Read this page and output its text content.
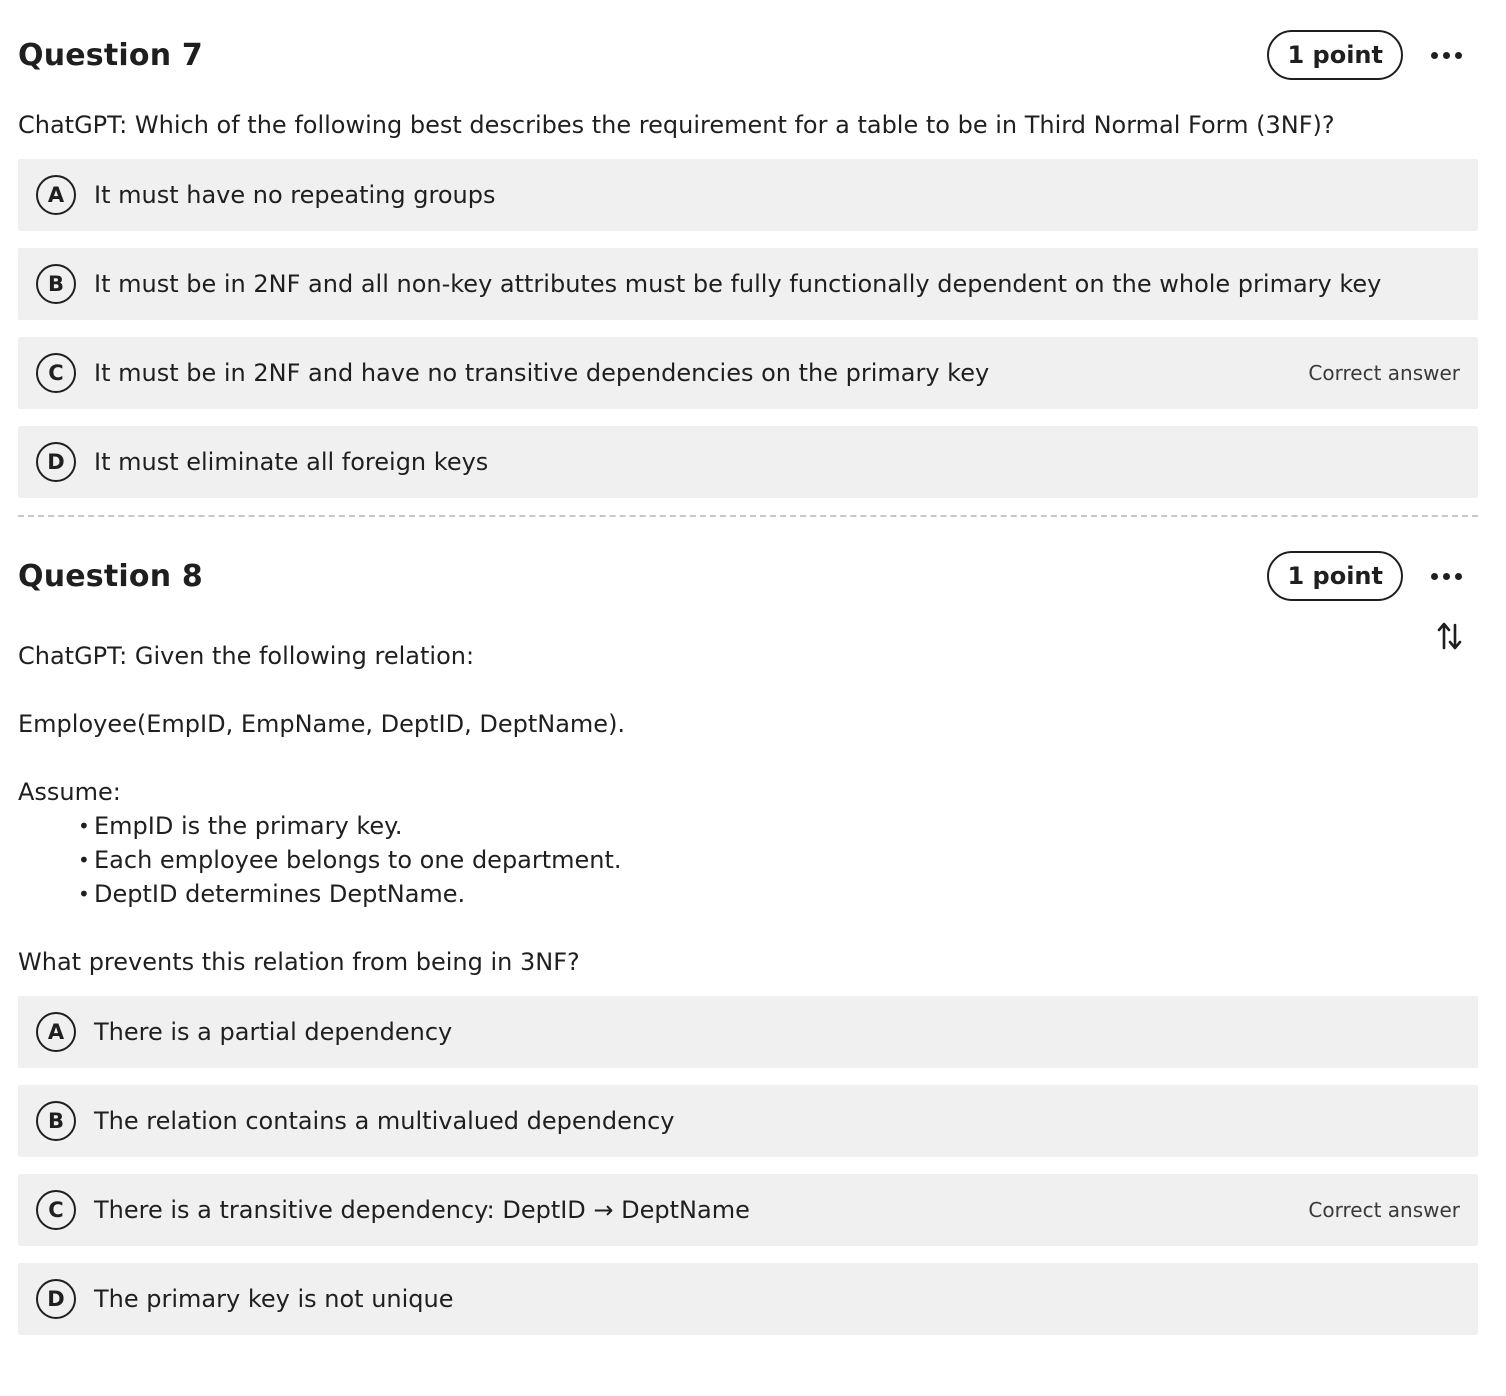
Question 7	1 point

ChatGPT: Which of the following best describes the requirement for a table to be in Third Normal Form (3NF)?

A	It must have no repeating groups
B	It must be in 2NF and all non-key attributes must be fully functionally dependent on the whole primary key
C	It must be in 2NF and have no transitive dependencies on the primary key	Correct answer
D	It must eliminate all foreign keys
Question 8	1 point

ChatGPT: Given the following relation:

Employee(EmpID, EmpName, DeptID, DeptName).

Assume:

• EmpID is the primary key.
• Each employee belongs to one department.
• DeptID determines DeptName.

What prevents this relation from being in 3NF?

A	There is a partial dependency
B	The relation contains a multivalued dependency
C	There is a transitive dependency: DeptID → DeptName	Correct answer
D	The primary key is not unique
